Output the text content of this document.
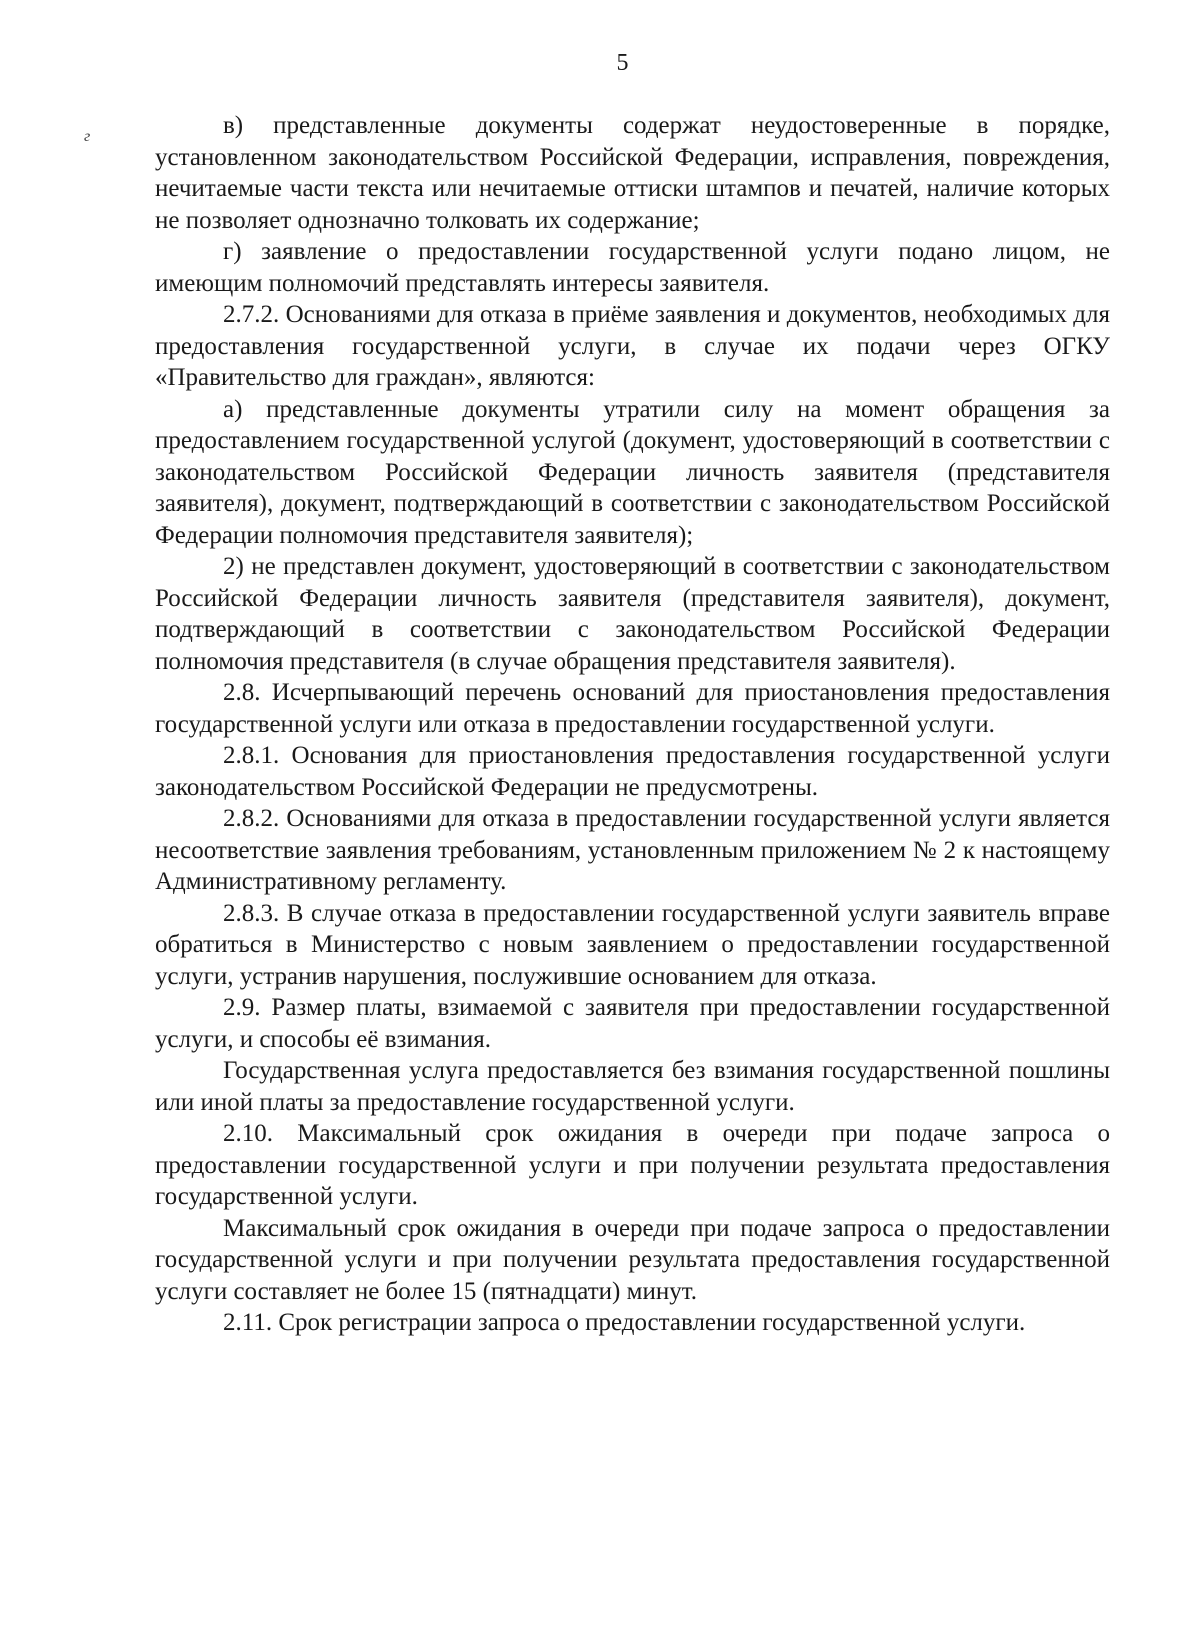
5
г	в) представленные документы содержат неудостоверенные в порядке, установленном законодательством Российской Федерации, исправления, повреждения, нечитаемые части текста или нечитаемые оттиски штампов и печатей, наличие которых не позволяет однозначно толковать их содержание;

г) заявление о предоставлении государственной услуги подано лицом, не имеющим полномочий представлять интересы заявителя.

2.7.2. Основаниями для отказа в приёме заявления и документов, необходимых для предоставления государственной услуги, в случае их подачи через ОГКУ «Правительство для граждан», являются:

а) представленные документы утратили силу на момент обращения за предоставлением государственной услугой (документ, удостоверяющий в соответствии с законодательством Российской Федерации личность заявителя (представителя заявителя), документ, подтверждающий в соответствии с законодательством Российской Федерации полномочия представителя заявителя);

2) не представлен документ, удостоверяющий в соответствии с законодательством Российской Федерации личность заявителя (представителя заявителя), документ, подтверждающий в соответствии с законодательством Российской Федерации полномочия представителя (в случае обращения представителя заявителя).

2.8. Исчерпывающий перечень оснований для приостановления предоставления государственной услуги или отказа в предоставлении государственной услуги.

2.8.1. Основания для приостановления предоставления государственной услуги законодательством Российской Федерации не предусмотрены.

2.8.2. Основаниями для отказа в предоставлении государственной услуги является несоответствие заявления требованиям, установленным приложением № 2 к настоящему Административному регламенту.

2.8.3. В случае отказа в предоставлении государственной услуги заявитель вправе обратиться в Министерство с новым заявлением о предоставлении государственной услуги, устранив нарушения, послужившие основанием для отказа.

2.9. Размер платы, взимаемой с заявителя при предоставлении государственной услуги, и способы её взимания.

Государственная услуга предоставляется без взимания государственной пошлины или иной платы за предоставление государственной услуги.

2.10. Максимальный срок ожидания в очереди при подаче запроса о предоставлении государственной услуги и при получении результата предоставления государственной услуги.

Максимальный срок ожидания в очереди при подаче запроса о предоставлении государственной услуги и при получении результата предоставления государственной услуги составляет не более 15 (пятнадцати) минут.

2.11. Срок регистрации запроса о предоставлении государственной услуги.
